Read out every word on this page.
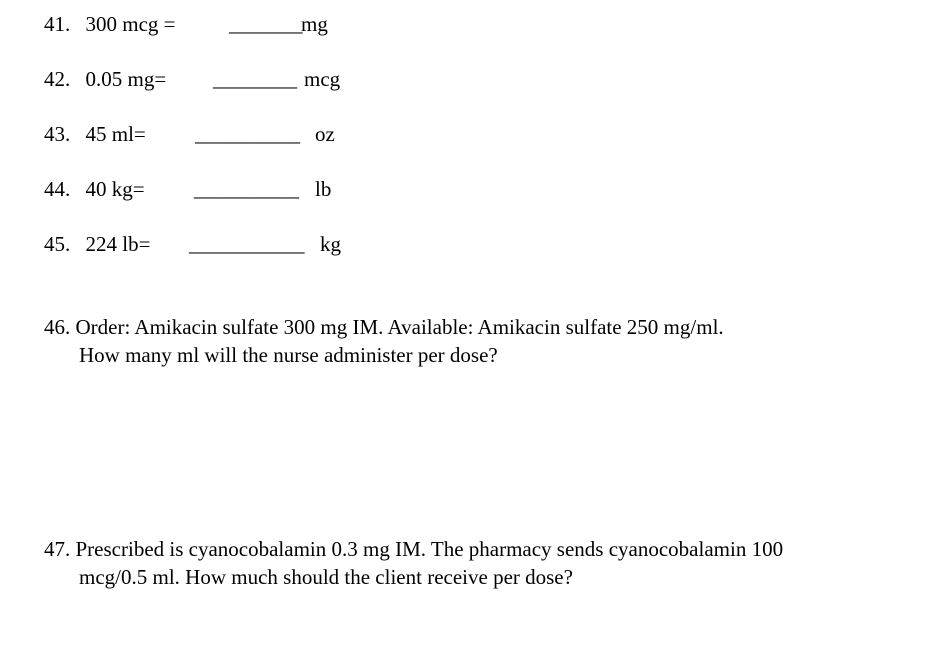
41. 300 mcg =	_______
mg
42. 0.05 mg= ________ mcg
43. 45 ml= __________ oz
44. 40 kg= __________ lb
45. 224 lb= ___________ kg
46. Order: Amikacin sulfate 300 mg IM. Available: Amikacin sulfate 250 mg/ml.
How many ml will the nurse administer per dose?
47. Prescribed is cyanocobalamin 0.3 mg IM. The pharmacy sends cyanocobalamin 100
mcg/0.5 ml. How much should the client receive per dose?
